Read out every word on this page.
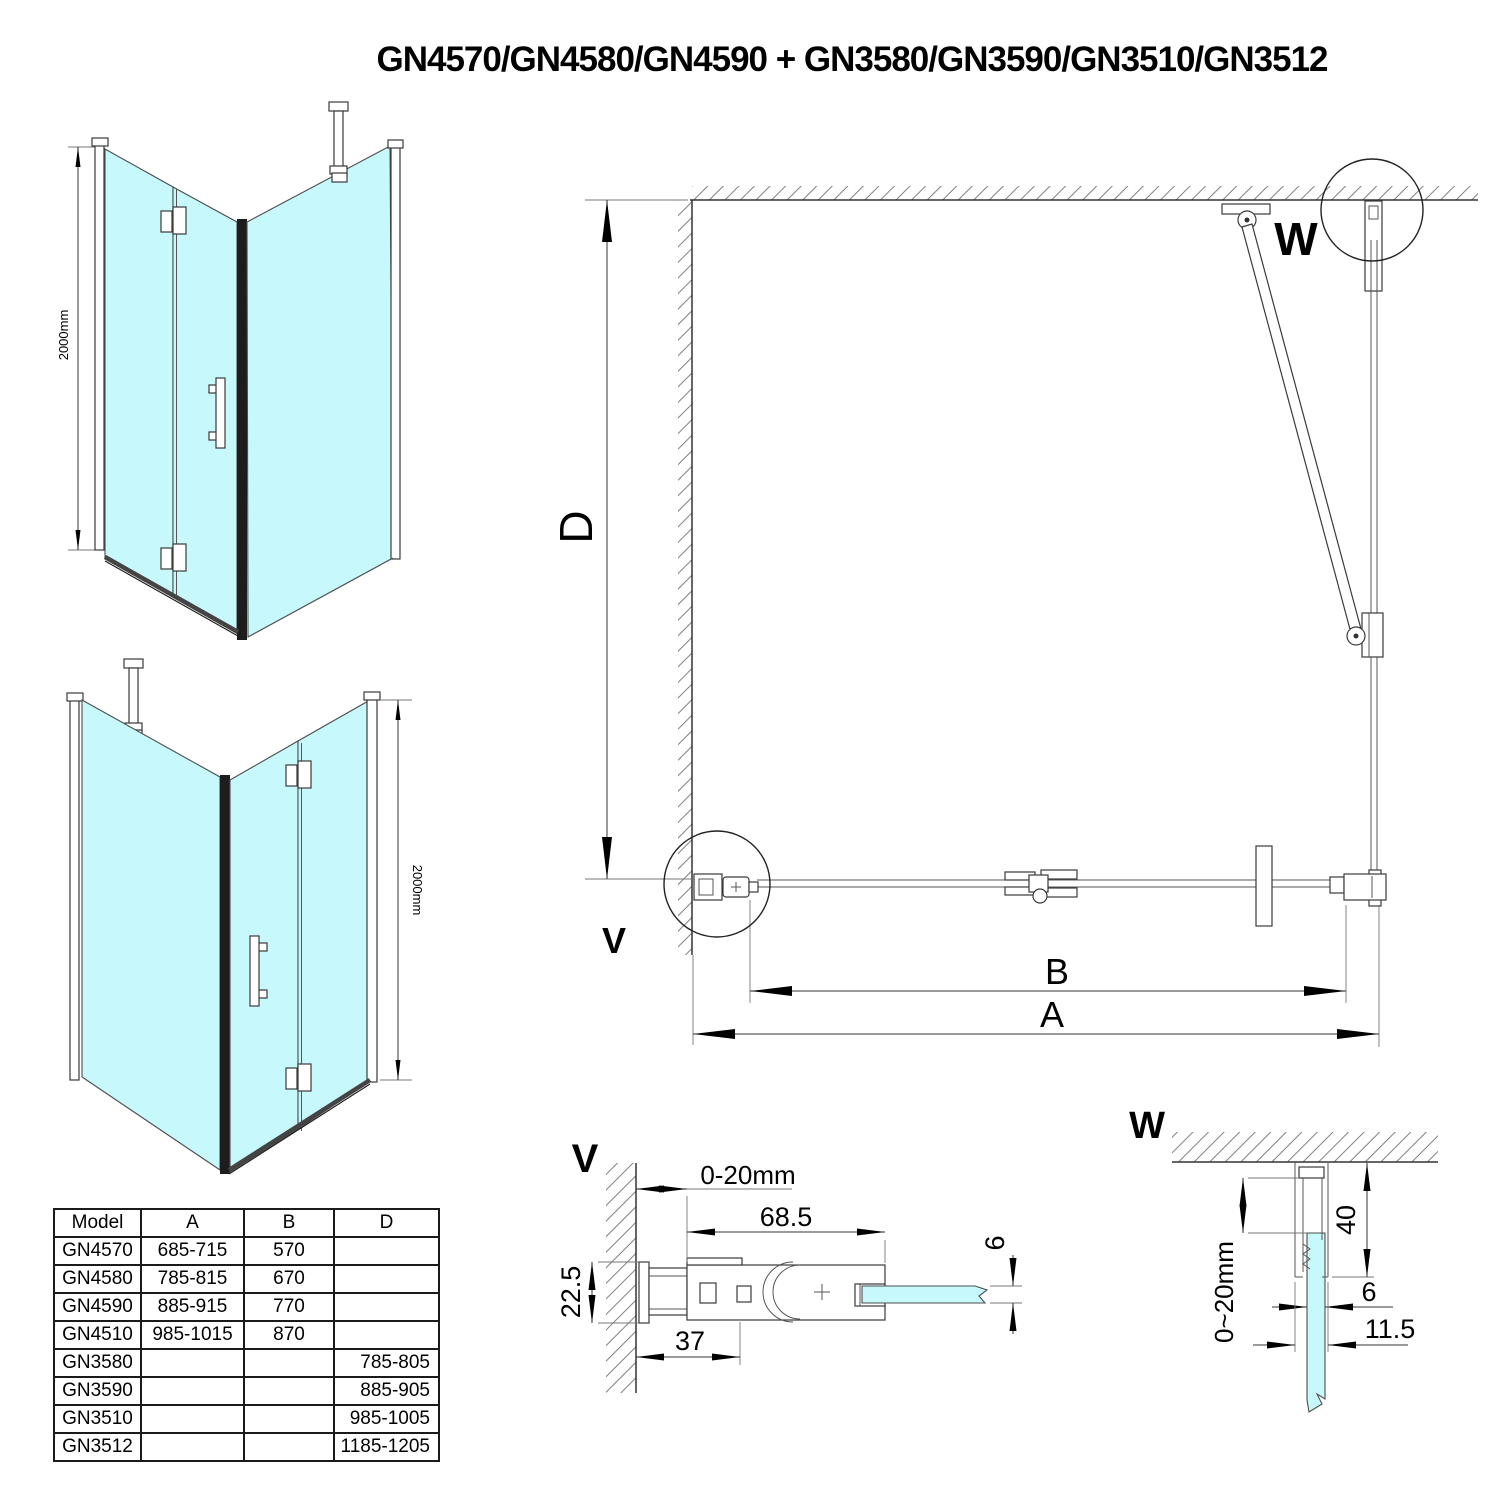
GN4570/GN4580/GN4590 + GN3580/GN3590/GN3510/GN3512
2000mm
2000mm
D
B
A
V
W
V	0-20mm
68.5
22.5
37
6
W
40
0~20mm	6
11.5
Model	A	B	D
GN4570	685-715	570	
GN4580	785-815	670	
GN4590	885-915	770	
GN4510	985-1015	870	
GN3580			785-805
GN3590			885-905
GN3510			985-1005
GN3512			1185-1205
